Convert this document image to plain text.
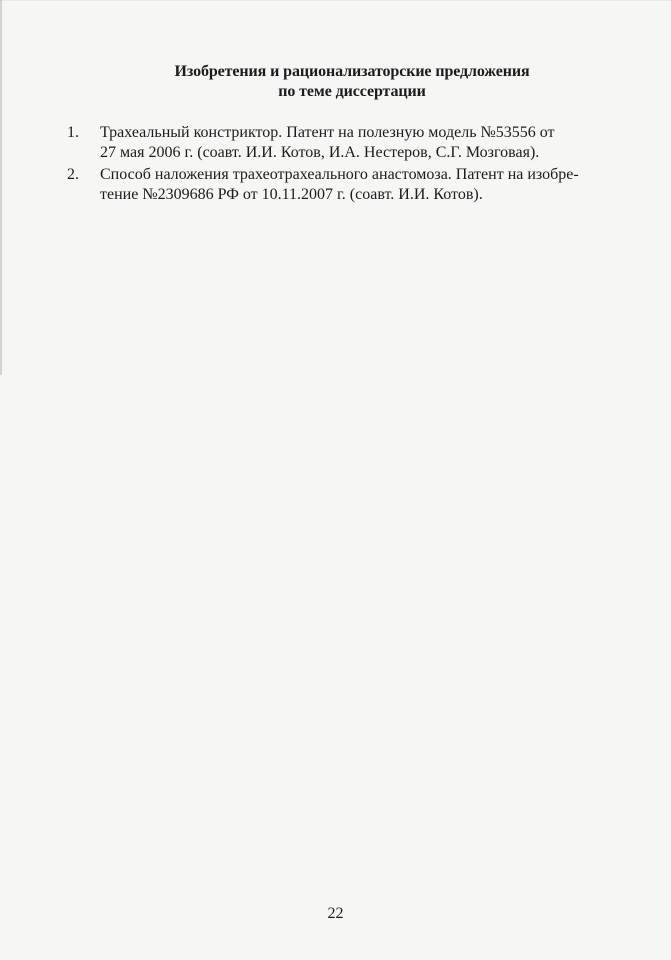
Изобретения и рационализаторские предложения
по теме диссертации
1. Трахеальный констриктор. Патент на полезную модель №53556 от
27 мая 2006 г. (соавт. И.И. Котов, И.А. Нестеров, С.Г. Мозговая).
2. Способ наложения трахеотрахеального анастомоза. Патент на изобре-
тение №2309686 РФ от 10.11.2007 г. (соавт. И.И. Котов).
22
